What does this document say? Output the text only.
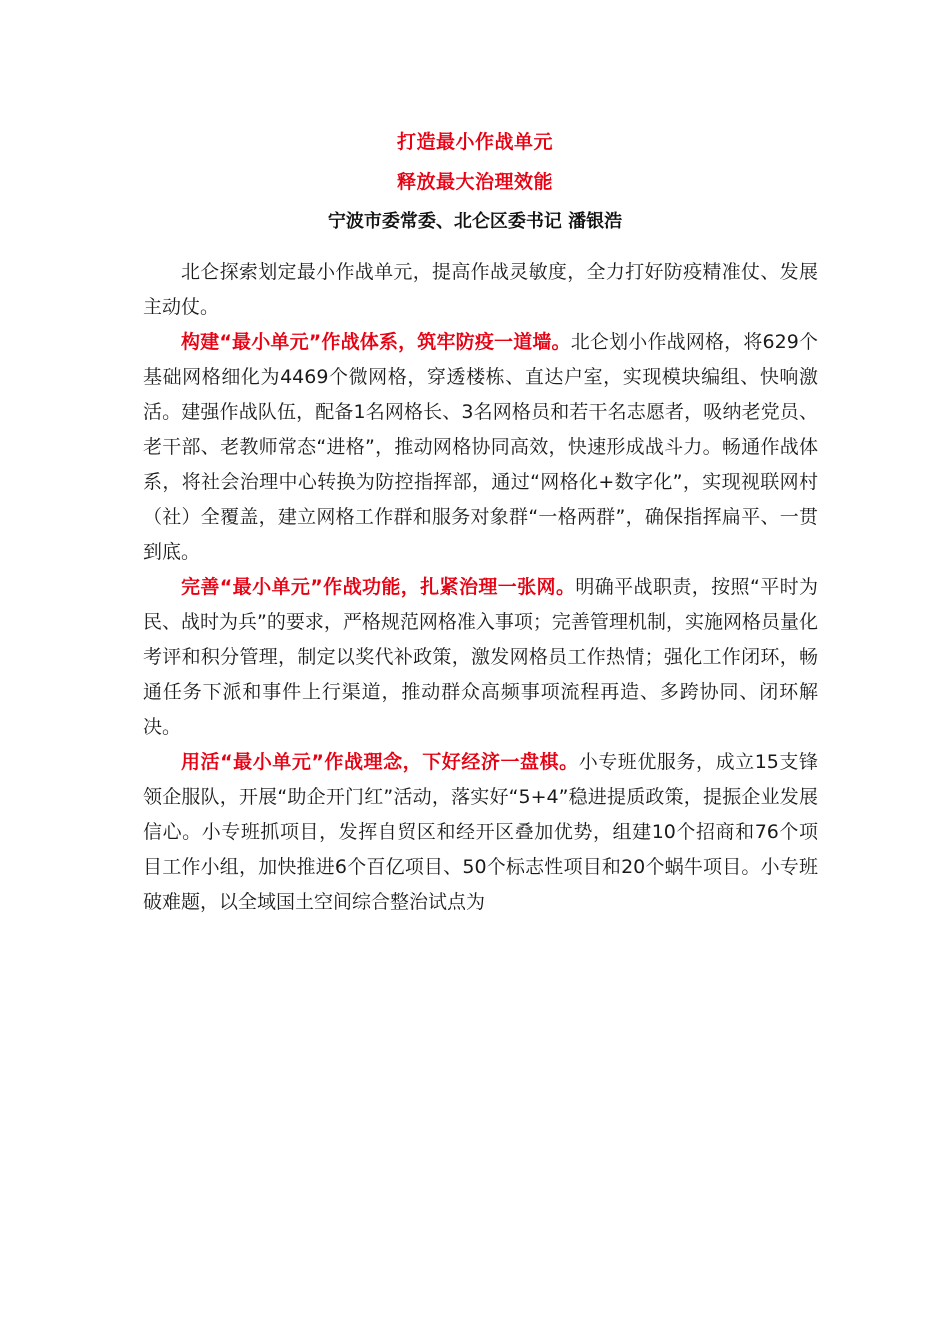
打造最小作战单元
释放最大治理效能
宁波市委常委、北仑区委书记 潘银浩

北仑探索划定最小作战单元，提高作战灵敏度，全力打好防疫精准仗、发展主动仗。

构建“最小单元”作战体系，筑牢防疫一道墙。北仑划小作战网格，将629个基础网格细化为4469个微网格，穿透楼栋、直达户室，实现模块编组、快响激活。建强作战队伍，配备1名网格长、3名网格员和若干名志愿者，吸纳老党员、老干部、老教师常态“进格”，推动网格协同高效，快速形成战斗力。畅通作战体系，将社会治理中心转换为防控指挥部，通过“网格化+数字化”，实现视联网村（社）全覆盖，建立网格工作群和服务对象群“一格两群”，确保指挥扁平、一贯到底。

完善“最小单元”作战功能，扎紧治理一张网。明确平战职责，按照“平时为民、战时为兵”的要求，严格规范网格准入事项；完善管理机制，实施网格员量化考评和积分管理，制定以奖代补政策，激发网格员工作热情；强化工作闭环，畅通任务下派和事件上行渠道，推动群众高频事项流程再造、多跨协同、闭环解决。

用活“最小单元”作战理念，下好经济一盘棋。小专班优服务，成立15支锋领企服队，开展“助企开门红”活动，落实好“5+4”稳进提质政策，提振企业发展信心。小专班抓项目，发挥自贸区和经开区叠加优势，组建10个招商和76个项目工作小组，加快推进6个百亿项目、50个标志性项目和20个蜗牛项目。小专班破难题，以全域国土空间综合整治试点为
